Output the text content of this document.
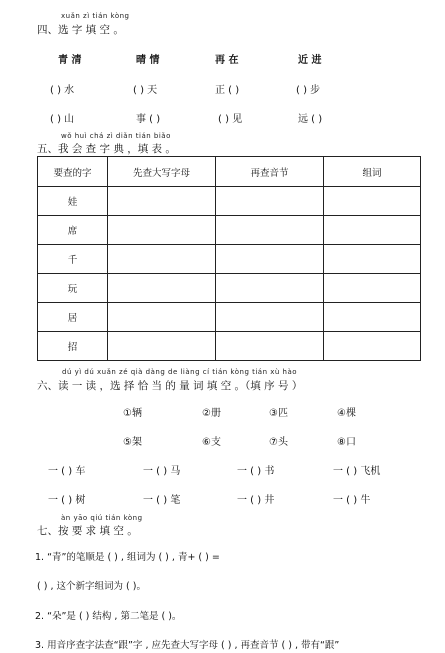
xuǎn zì tián kòng
四、选 字 填 空 。
青 清	晴 情	再 在	近 进
( ) 水	( ) 天	正 ( )	( ) 步
( ) 山	事 ( )	( ) 见	远 ( )
wǒ huì chá zì diǎn tián biǎo
五、我 会 查 字 典 ，填 表 。
要查的字	先查大写字母	再查音节	组词
娃			
席			
千			
玩			
居			
招			
dú yì dú xuǎn zé qià dàng de liàng cí tián kòng tián xù hào
六、读 一 读 ，选 择 恰 当 的 量 词 填 空 。（填 序 号 ）
①辆	②册	③匹	④棵
⑤架	⑥支	⑦头	⑧口
一 ( ) 车	一 ( ) 马	一 ( ) 书	一 ( ) 飞机
一 ( ) 树	一 ( ) 笔	一 ( ) 井	一 ( ) 牛
àn yāo qiú tián kòng
七、按 要 求 填 空 。
1. “青”的笔顺是 ( ) , 组词为 ( ) , 青+ ( ) =
( ) , 这个新字组词为 ( )。
2. “朵”是 ( ) 结构 , 第二笔是 ( )。
3. 用音序查字法查“跟”字 , 应先查大写字母 ( ) , 再查音节 ( ) , 带有“跟”
